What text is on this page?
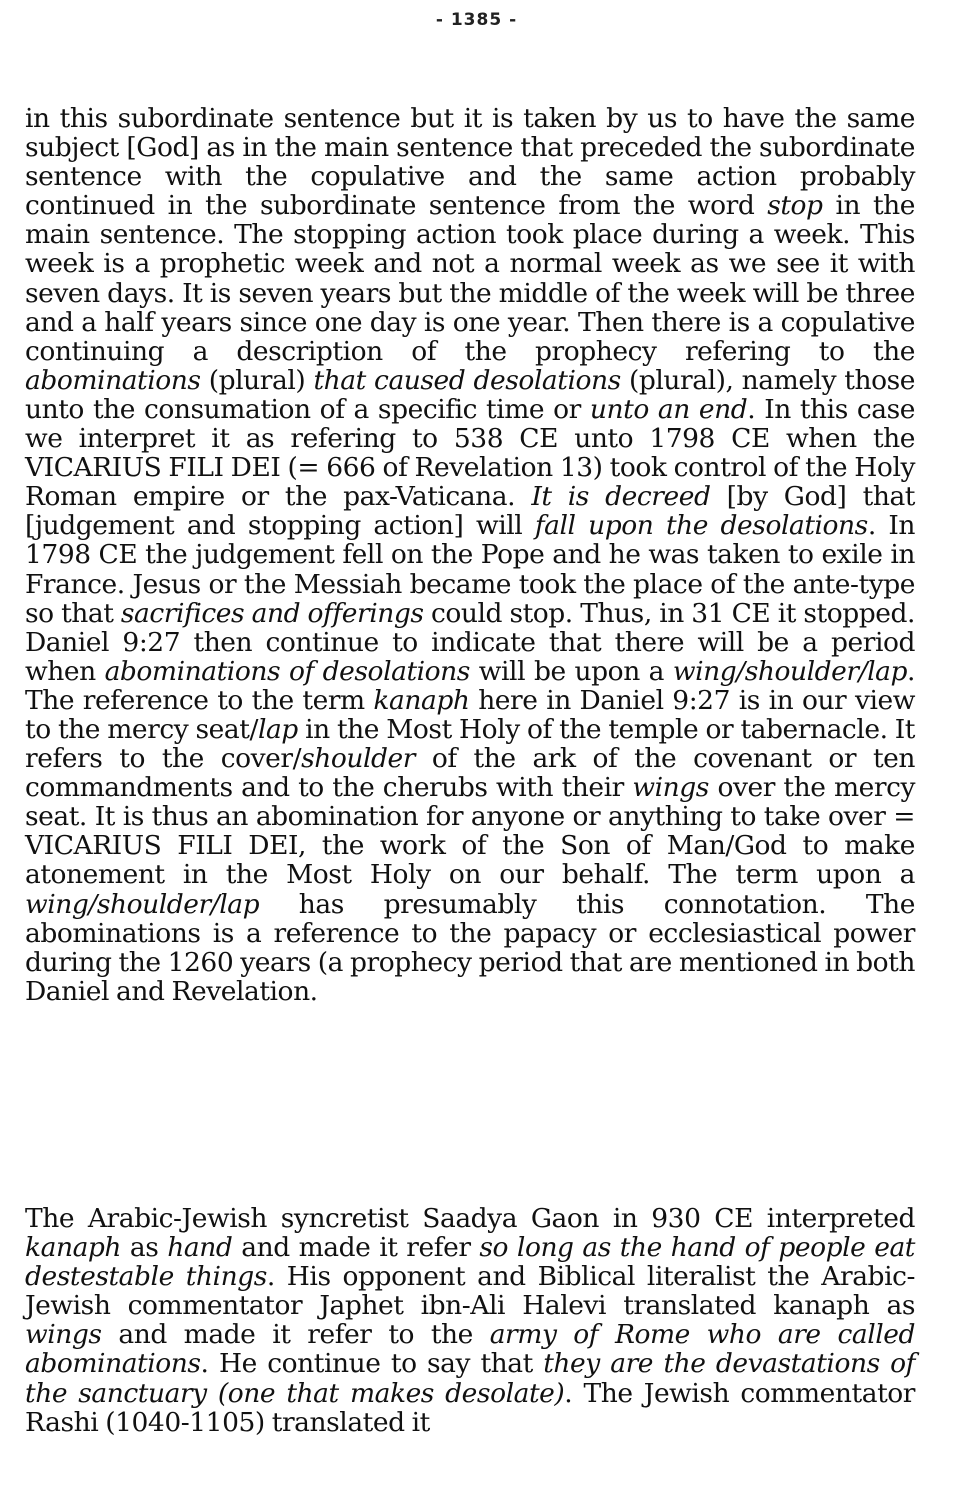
- 1385 -

in this subordinate sentence but it is taken by us to have the same subject [God] as in the main sentence that preceded the subordinate sentence with the copulative and the same action probably continued in the subordinate sentence from the word stop in the main sentence. The stopping action took place during a week. This week is a prophetic week and not a normal week as we see it with seven days. It is seven years but the middle of the week will be three and a half years since one day is one year. Then there is a copulative continuing a description of the prophecy refering to the abominations (plural) that caused desolations (plural), namely those unto the consumation of a specific time or unto an end. In this case we interpret it as refering to 538 CE unto 1798 CE when the VICARIUS FILI DEI (= 666 of Revelation 13) took control of the Holy Roman empire or the pax-Vaticana. It is decreed [by God] that [judgement and stopping action] will fall upon the desolations. In 1798 CE the judgement fell on the Pope and he was taken to exile in France. Jesus or the Messiah became took the place of the ante-type so that sacrifices and offerings could stop. Thus, in 31 CE it stopped. Daniel 9:27 then continue to indicate that there will be a period when abominations of desolations will be upon a wing/shoulder/lap. The reference to the term kanaph here in Daniel 9:27 is in our view to the mercy seat/lap in the Most Holy of the temple or tabernacle. It refers to the cover/shoulder of the ark of the covenant or ten commandments and to the cherubs with their wings over the mercy seat. It is thus an abomination for anyone or anything to take over = VICARIUS FILI DEI, the work of the Son of Man/God to make atonement in the Most Holy on our behalf. The term upon a wing/shoulder/lap has presumably this connotation. The abominations is a reference to the papacy or ecclesiastical power during the 1260 years (a prophecy period that are mentioned in both Daniel and Revelation.

The Arabic-Jewish syncretist Saadya Gaon in 930 CE interpreted kanaph as hand and made it refer so long as the hand of people eat destestable things. His opponent and Biblical literalist the Arabic-Jewish commentator Japhet ibn-Ali Halevi translated kanaph as wings and made it refer to the army of Rome who are called abominations. He continue to say that they are the devastations of the sanctuary (one that makes desolate). The Jewish commentator Rashi (1040-1105) translated it
